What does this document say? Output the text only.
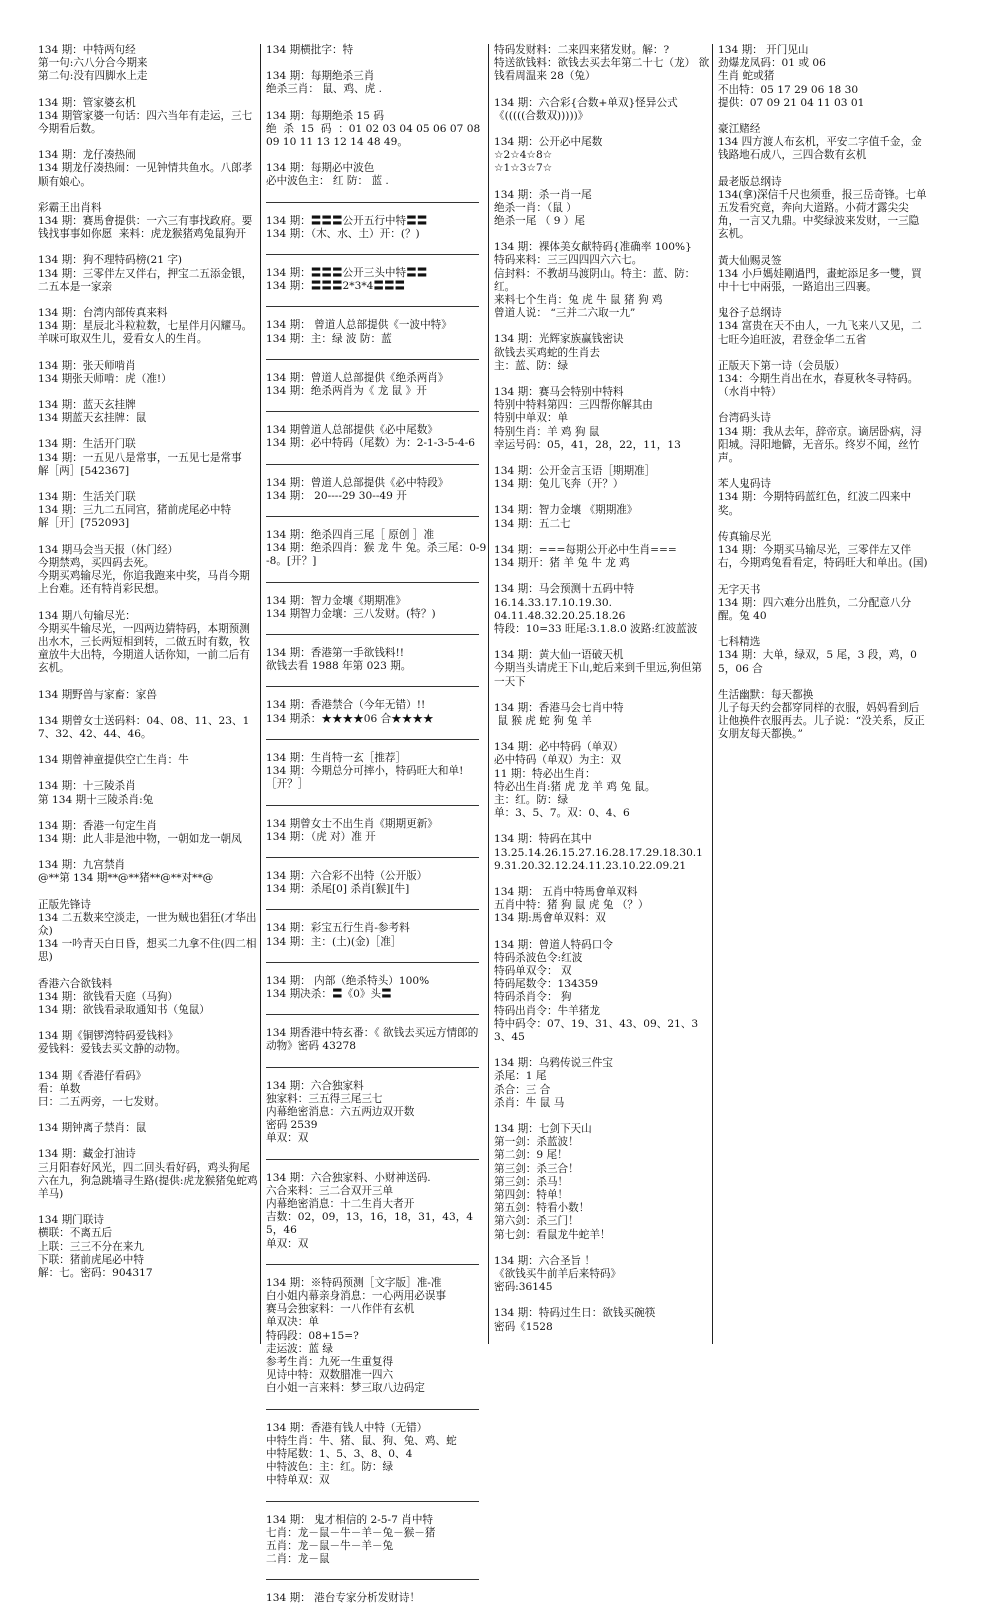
134 期：中特两句经
第一句:六八分合今期来
第二句:没有四脚水上走
134 期：管家婆玄机
134 期管家婆一句话：四六当年有走运，三七今期看后数。
134 期：龙仔凑热闹
134 期龙仔凑热闹：一见钟情共鱼水。八郎孝顺有娘心。
彩霸王出肖料
134 期：赛馬會提供：一六三有事找政府。要钱找事事如你愿  来料：虎龙猴猪鸡兔鼠狗开
134 期：狗不理特码榜(21 字)
134 期：三零伴左又伴右，押宝二五添金银，二五本是一家亲
134 期：台湾内部传真来料
134 期：星辰北斗粒粒数，七星伴月闪耀马。羊咪可取双生儿，爱看女人的生肖。
134 期：张天师啃肖
134 期张天师啃：虎（准!）
134 期：蓝天玄挂牌
134 期蓝天玄挂牌：鼠
134 期：生活开门联
134 期：一五见八是常事，一五见七是常事
解［两］[542367]
134 期：生活关门联
134 期：三九二五同宫，猪前虎尾必中特
解［开］[752093]
134 期马会当天报（休门经）
今期禁鸡，买四码去死。
今期买鸡输尽光，你追我跑来中奖，马肖今期上台难。还有特肖彩民想。
134 期八句输尽光：
今期买牛输尽光，一四两边猜特码，本期预测出水木，三长两短相到转，二做五时有数，牧童放牛大出特，今期道人话你知，一前二后有玄机。
134 期野兽与家畜：家兽
134 期曾女士送码料：04、08、11、23、17、32、42、44、46。
134 期曾神童提供空亡生肖：牛
134 期：十三陵杀肖
第 134 期十三陵杀肖:兔
134 期：香港一句定生肖
134 期：此人非是池中物，一朝如龙一朝凤
134 期：九宫禁肖
@**第 134 期**@**猪**@**对**@
正版先锋诗
134 二五数来空淡走，一世为贼也猖狂(才华出众)
134 一吟青天白日昏，想买二九拿不住(四二相思)
香港六合欲钱料
134 期：欲钱看天庭（马狗）
134 期：欲钱看录取通知书（兔鼠）
134 期《铜锣湾特码爱钱料》
爱钱料：爱钱去买文静的动物。
134 期《香港仔看码》
看：单数
曰：二五两旁，一七发财。
134 期钟离子禁肖：鼠
134 期：藏金打油诗
三月阳春好风光，四二回头看好码，鸡头狗尾六在九，狗急跳墙寻生路(提供:虎龙猴猪兔蛇鸡羊马)
134 期门联诗
横联：不离五后
上联：三三不分在来九
下联：猪前虎尾必中特
解：七。密码：904317
134 期横批字：特
134 期：每期绝杀三肖
绝杀三肖： 鼠、鸡、虎 .
134 期：每期绝杀 15 码
绝  杀  15  码  ：01 02 03 04 05 06 07 08 09 10 11 13 12 14 48 49。
134 期：每期必中波色
必中波色主： 红 防： 蓝 .
134 期：〓〓〓公开五行中特〓〓
134 期：（木、水、土）开：(？)
134 期：〓〓〓公开三头中特〓〓
134 期：〓〓〓2*3*4〓〓〓
134 期： 曾道人总部提供《一波中特》
134 期：主：绿 波 防：蓝
134 期：曾道人总部提供《绝杀两肖》
134 期：绝杀两肖为《 龙 鼠 》开
134 期曾道人总部提供《必中尾数》
134 期：必中特码（尾数）为：2-1-3-5-4-6
134 期：曾道人总部提供《必中特段》
134 期： 20----29 30--49 开
134 期：绝杀四肖三尾［ 原创 ］准
134 期：绝杀四肖：猴 龙 牛 兔。杀三尾：0-9-8。[开？]
134 期：智力金壤《期期准》
134 期智力金壤：三八发财。(特？)
134 期：香港第一手欲钱料!!
欲钱去看 1988 年第 023 期。
134 期：香港禁合（今年无错）!!
134 期杀：★★★★06 合★★★★
134 期：生肖特一玄［推荐］
134 期：今期总分可摔小，特码旺大和单!［开？］
134 期曾女士不出生肖《期期更新》
134 期：（虎 对）准 开
134 期：六合彩不出特（公开版）
134 期：杀尾[0] 杀肖[猴][牛]
134 期：彩宝五行生肖-参考料
134 期：主：(土)(金)［准］
134 期： 内部（绝杀特头）100%
134 期决杀：〓《0》头〓
134 期香港中特玄番：《 欲钱去买远方情郎的动物》密码 43278
134 期：六合独家料
独家料：三五得三尾三七
内幕绝密消息：六五两边双开数
密码 2539
单双：双
134 期：六合独家料、小财神送码.
六合来料：三二合双开三单
内幕绝密消息：十二生肖大者开
吉数：02，09，13，16，18，31，43，45，46
单双：双
134 期：※特码预测［文字版］准-准
白小姐内幕亲身消息：一心两用必误事
赛马会独家料：一八作伴有玄机
单双决：单
特码段：08+15=?
走运波：蓝 绿
参考生肖：九死一生重复得
见诗中特：双数腊准一四六
白小姐一言来料：梦三取八边码定
134 期：香港有钱人中特（无错）
中特生肖：牛、猪、鼠、狗、兔、鸡、蛇
中特尾数：1、5、3、8、0、4
中特波色：主：红。防：绿
中特单双：双
134 期： 鬼才相信的 2-5-7 肖中特
七肖：龙－鼠－牛－羊－兔－猴－猪
五肖：龙－鼠－牛－羊－兔
二肖：龙－鼠
134 期： 港台专家分析发财诗！
特码发财料：二来四来猪发财。解：?
特送欲钱料：欲钱去买去年第二十七（龙） 欲钱看周温来 28（兔）
134 期：六合彩{合数+单双}怪异公式
《(((((合数双)))))》
134 期：公开必中尾数
☆2☆4☆8☆
☆1☆3☆7☆
134 期：杀一肖一尾
绝杀一肖：（鼠 ）
绝杀一尾 （ 9 ）尾
134 期：裸体美女献特码{准确率 100%}
特码来料：三三四四四六六七。
信封料：不教胡马渡阴山。特主：蓝、防：红。
来料七个生肖：兔 虎 牛 鼠 猪 狗 鸡
曾道人说： “三并二六取一九”
134 期：光辉家族赢钱密诀
欲钱去买鸡蛇的生肖去
主：蓝、防：绿
134 期：赛马会特别中特料
特别中特料第四：三四帮你解其由
特别中单双：单
特别生肖：羊 鸡 狗 鼠
幸运号码：05，41，28，22，11，13
134 期：公开金言玉语［期期准］
134 期：兔儿飞奔（开？）
134 期：智力金壤 《期期准》
134 期：五二七
134 期：===每期公开必中生肖===
134 期开：猪 羊 兔 牛 龙 鸡
134 期：马会预测十五码中特
16.14.33.17.10.19.30.
04.11.48.32.20.25.18.26
特段：10=33 旺尾:3.1.8.0 波路:红波蓝波
134 期：黄大仙一语破天机
今期当头请虎王下山,蛇后来到千里远,狗但第一天下
134 期：香港马会七肖中特
鼠 猴 虎 蛇 狗 兔 羊
134 期：必中特码（单双）
必中特码（单双）为主：双
11 期：特必出生肖：
特必出生肖:猪 虎 龙 羊 鸡 兔 鼠。
主：红。防：绿
单：3、5、7。双：0、4、6
134 期：特码在其中
13.25.14.26.15.27.16.28.17.29.18.30.19.31.20.32.12.24.11.23.10.22.09.21
134 期： 五肖中特馬會单双料
五肖中特：猪 狗 鼠 虎 兔 （？）
134 期:馬會单双料：双
134 期：曾道人特码口令
特码杀波色令:红波
特码单双令： 双
特码尾数令：134359
特码杀肖令： 狗
特码出肖令：牛羊猪龙
特中码令：07、19、31、43、09、21、33、45
134 期：乌鸦传说三件宝
杀尾：1 尾
杀合：三 合
杀肖：牛 鼠 马
134 期：七剑下天山
第一剑：杀蓝波！
第二剑：9 尾！
第三剑：杀三合！
第三剑：杀马！
第四剑：特单！
第五剑：特看小数！
第六剑：杀三门！
第七剑：看鼠龙牛蛇羊！
134 期：六合圣旨 ！
《欲钱买牛前羊后来特码》
密码:36145
134 期：特码过生日：欲钱买碗筷
密码《1528
134 期： 开门见山
劲爆龙凤码：01 或 06
生肖 蛇或猪
不出特：05 17 29 06 18 30
提供：07 09 21 04 11 03 01
豪江赌经
134 四方渡人布玄机，平安二字值千金，金钱路地石成八，三四合数有玄机
最老版总纲诗
134(拿)深信千尺也须垂，报三岳奇锋。七单五发看究竟，奔向大道路。小荷才露尖尖角，一言又九鼎。中奖绿波来发财，一三隐玄机。
黃大仙赐灵签
134 小戶媽娃剛過門，畫蛇添足多一雙，買中十七中兩張，一路追出三四裹。
鬼谷子总纲诗
134 富贵在天不由人，一九飞来八又见，二七旺今追旺波，君登金华二五省
正版天下第一诗（会员版）
134：今期生肖出在水，春夏秋冬寻特码。（水肖中特）
台湾码头诗
134 期：我从去年，辞帝京。谪居卧病，浔阳城。浔阳地僻，无音乐。终岁不闻，丝竹声。
苯人鬼码诗
134 期：今期特码蓝红色，红波二四来中奖。
传真输尽光
134 期：今期买马输尽光，三零伴左又伴右，今期鸡兔看看定，特码旺大和单出。(国)
无字天书
134 期：四六难分出胜负，二分配意八分醒。兔 40
七科精选
134 期：大单，绿双，5 尾，3 段，鸡，05，06 合
生活幽默：每天都换
儿子每天约会都穿同样的衣服，妈妈看到后让他换件衣服再去。儿子说：“没关系，反正女朋友每天都换。”
